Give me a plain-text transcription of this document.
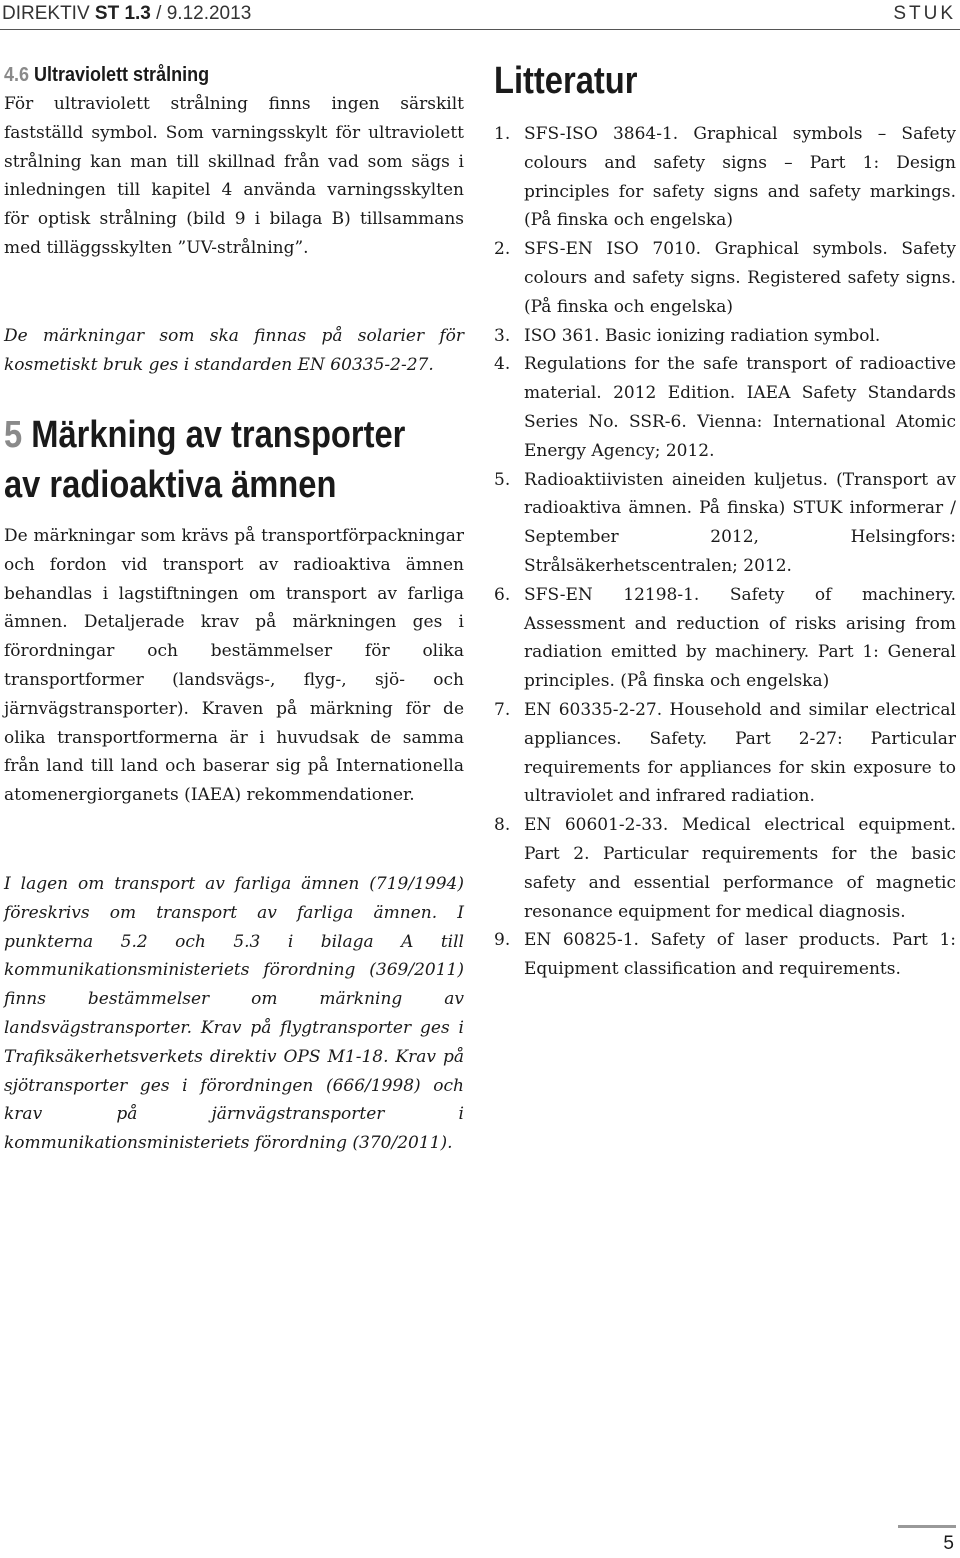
DIREKTIV ST 1.3 / 9.12.2013	STUK
4.6 Ultraviolett strålning

För ultraviolett strålning finns ingen särskilt fastställd symbol. Som varningsskylt för ultraviolett strålning kan man till skillnad från vad som sägs i inledningen till kapitel 4 använda varningsskylten för optisk strålning (bild 9 i bilaga B) tillsammans med tilläggsskylten ”UV-strålning”.

De märkningar som ska finnas på solarier för kosmetiskt bruk ges i standarden EN 60335-2-27.

5 Märkning av transporter av radioaktiva ämnen

De märkningar som krävs på transportförpackningar och fordon vid transport av radioaktiva ämnen behandlas i lagstiftningen om transport av farliga ämnen. Detaljerade krav på märkningen ges i förordningar och bestämmelser för olika transportformer (landsvägs-, flyg-, sjö- och järnvägstransporter). Kraven på märkning för de olika transportformerna är i huvudsak de samma från land till land och baserar sig på Internationella atomenergiorganets (IAEA) rekommendationer.

I lagen om transport av farliga ämnen (719/1994) föreskrivs om transport av farliga ämnen. I punkterna 5.2 och 5.3 i bilaga A till kommunikationsministeriets förordning (369/2011) finns bestämmelser om märkning av landsvägstransporter. Krav på flygtransporter ges i Trafiksäkerhetsverkets direktiv OPS M1-18. Krav på sjötransporter ges i förordningen (666/1998) och krav på järnvägstransporter i kommunikationsministeriets förordning (370/2011).

Litteratur
1. SFS-ISO 3864-1. Graphical symbols – Safety colours and safety signs – Part 1: Design principles for safety signs and safety markings. (På finska och engelska)
2. SFS-EN ISO 7010. Graphical symbols. Safety colours and safety signs. Registered safety signs. (På finska och engelska)
3. ISO 361. Basic ionizing radiation symbol.
4. Regulations for the safe transport of radioactive material. 2012 Edition. IAEA Safety Standards Series No. SSR-6. Vienna: International Atomic Energy Agency; 2012.
5. Radioaktiivisten aineiden kuljetus. (Transport av radioaktiva ämnen. På finska) STUK informerar / September 2012, Helsingfors: Strålsäkerhetscentralen; 2012.
6. SFS-EN 12198-1. Safety of machinery. Assessment and reduction of risks arising from radiation emitted by machinery. Part 1: General principles. (På finska och engelska)
7. EN 60335-2-27. Household and similar electrical appliances. Safety. Part 2-27: Particular requirements for appliances for skin exposure to ultraviolet and infrared radiation.
8. EN 60601-2-33. Medical electrical equipment. Part 2. Particular requirements for the basic safety and essential performance of magnetic resonance equipment for medical diagnosis.
9. EN 60825-1. Safety of laser products. Part 1: Equipment classification and requirements.
5
